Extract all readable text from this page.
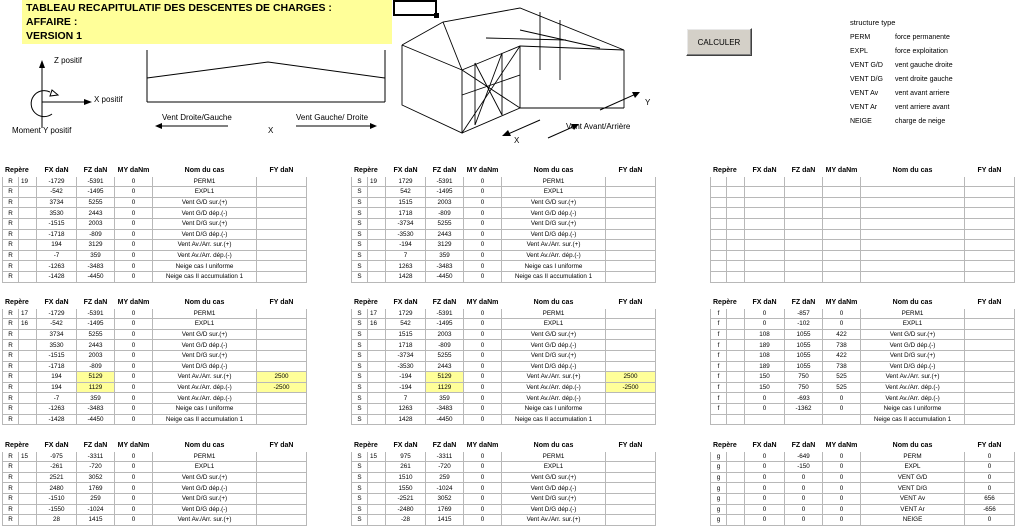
TABLEAU RECAPITULATIF DES DESCENTES DE CHARGES :
AFFAIRE :
VERSION 1
Z positif
X positif
Moment Y positif
Vent Droite/Gauche	Vent Gauche/ Droite
X
X
Y
Vent Avant/Arrière
CALCULER
structure type
PERM	force permanente
EXPL	force exploitation
VENT G/D	vent gauche droite
VENT D/G	vent droite gauche
VENT Av	vent avant arriere
VENT Ar	vent arriere avant
NEIGE	charge de neige
Repère		FX daN	FZ daN	MY daNm	Nom du cas	FY daN
R	19	-1729	-5391	0	PERM1	
R		-542	-1495	0	EXPL1	
R		3734	5255	0	Vent G/D sur.(+)	
R		3530	2443	0	Vent G/D dép.(-)	
R		-1515	2003	0	Vent D/G sur.(+)	
R		-1718	-809	0	Vent D/G dép.(-)	
R		194	3129	0	Vent Av./Arr. sur.(+)	
R		-7	359	0	Vent Av./Arr. dép.(-)	
R		-1263	-3483	0	Neige cas I uniforme	
R		-1428	-4450	0	Neige cas II accumulation 1	
Repère		FX daN	FZ daN	MY daNm	Nom du cas	FY daN
S	19	1729	-5391	0	PERM1	
S		542	-1495	0	EXPL1	
S		1515	2003	0	Vent G/D sur.(+)	
S		1718	-809	0	Vent G/D dép.(-)	
S		-3734	5255	0	Vent D/G sur.(+)	
S		-3530	2443	0	Vent D/G dép.(-)	
S		-194	3129	0	Vent Av./Arr. sur.(+)	
S		7	359	0	Vent Av./Arr. dép.(-)	
S		1263	-3483	0	Neige cas I uniforme	
S		1428	-4450	0	Neige cas II accumulation 1	
Repère		FX daN	FZ daN	MY daNm	Nom du cas	FY daN

Repère		FX daN	FZ daN	MY daNm	Nom du cas	FY daN
R	17	-1729	-5391	0	PERM1	
R	16	-542	-1495	0	EXPL1	
R		3734	5255	0	Vent G/D sur.(+)	
R		3530	2443	0	Vent G/D dép.(-)	
R		-1515	2003	0	Vent D/G sur.(+)	
R		-1718	-809	0	Vent D/G dép.(-)	
R		194	5129	0	Vent Av./Arr. sur.(+)	2500
R		194	1129	0	Vent Av./Arr. dép.(-)	-2500
R		-7	359	0	Vent Av./Arr. dép.(-)	
R		-1263	-3483	0	Neige cas I uniforme	
R		-1428	-4450	0	Neige cas II accumulation 1	
Repère		FX daN	FZ daN	MY daNm	Nom du cas	FY daN
S	17	1729	-5391	0	PERM1	
S	16	542	-1495	0	EXPL1	
S		1515	2003	0	Vent G/D sur.(+)	
S		1718	-809	0	Vent G/D dép.(-)	
S		-3734	5255	0	Vent D/G sur.(+)	
S		-3530	2443	0	Vent D/G dép.(-)	
S		-194	5129	0	Vent Av./Arr. sur.(+)	2500
S		-194	1129	0	Vent Av./Arr. dép.(-)	-2500
S		7	359	0	Vent Av./Arr. dép.(-)	
S		1263	-3483	0	Neige cas I uniforme	
S		1428	-4450	0	Neige cas II accumulation 1	
Repère		FX daN	FZ daN	MY daNm	Nom du cas	FY daN
f		0	-857	0	PERM1	
f		0	-102	0	EXPL1	
f		108	1055	422	Vent G/D sur.(+)	
f		189	1055	738	Vent G/D dép.(-)	
f		108	1055	422	Vent D/G sur.(+)	
f		189	1055	738	Vent D/G dép.(-)	
f		150	750	525	Vent Av./Arr. sur.(+)	
f		150	750	525	Vent Av./Arr. dép.(-)	
f		0	-693	0	Vent Av./Arr. dép.(-)	
f		0	-1362	0	Neige cas I uniforme	
					Neige cas II accumulation 1	
Repère		FX daN	FZ daN	MY daNm	Nom du cas	FY daN
R	15	-975	-3311	0	PERM1	
R		-261	-720	0	EXPL1	
R		2521	3052	0	Vent G/D sur.(+)	
R		2480	1769	0	Vent G/D dép.(-)	
R		-1510	259	0	Vent D/G sur.(+)	
R		-1550	-1024	0	Vent D/G dép.(-)	
R		28	1415	0	Vent Av./Arr. sur.(+)	
Repère		FX daN	FZ daN	MY daNm	Nom du cas	FY daN
S	15	975	-3311	0	PERM1	
S		261	-720	0	EXPL1	
S		1510	259	0	Vent G/D sur.(+)	
S		1550	-1024	0	Vent G/D dép.(-)	
S		-2521	3052	0	Vent D/G sur.(+)	
S		-2480	1769	0	Vent D/G dép.(-)	
S		-28	1415	0	Vent Av./Arr. sur.(+)	
Repère		FX daN	FZ daN	MY daNm	Nom du cas	FY daN
g		0	-649	0	PERM	0
g		0	-150	0	EXPL	0
g		0	0	0	VENT G/D	0
g		0	0	0	VENT D/G	0
g		0	0	0	VENT Av	656
g		0	0	0	VENT Ar	-656
g		0	0	0	NEIGE	0
